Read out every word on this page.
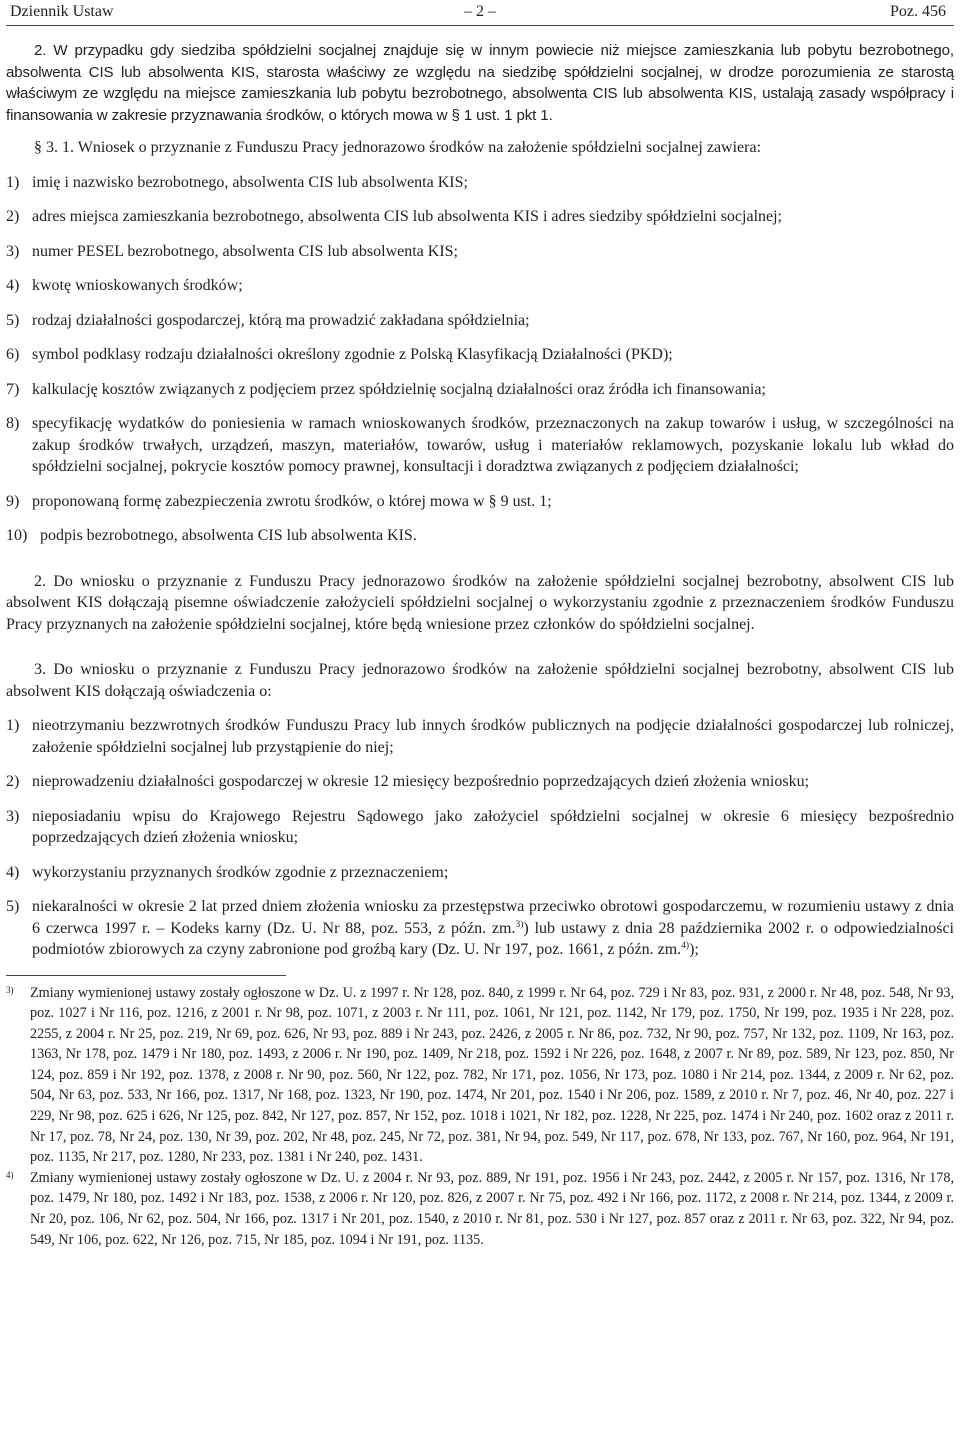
Dziennik Ustaw	– 2 –	Poz. 456

2. W przypadku gdy siedziba spółdzielni socjalnej znajduje się w innym powiecie niż miejsce zamieszkania lub pobytu bezrobotnego, absolwenta CIS lub absolwenta KIS, starosta właściwy ze względu na siedzibę spółdzielni socjalnej, w drodze porozumienia ze starostą właściwym ze względu na miejsce zamieszkania lub pobytu bezrobotnego, absolwenta CIS lub absolwenta KIS, ustalają zasady współpracy i finansowania w zakresie przyznawania środków, o których mowa w § 1 ust. 1 pkt 1.

§ 3. 1. Wniosek o przyznanie z Funduszu Pracy jednorazowo środków na założenie spółdzielni socjalnej zawiera:

1) imię i nazwisko bezrobotnego, absolwenta CIS lub absolwenta KIS;
2) adres miejsca zamieszkania bezrobotnego, absolwenta CIS lub absolwenta KIS i adres siedziby spółdzielni socjalnej;
3) numer PESEL bezrobotnego, absolwenta CIS lub absolwenta KIS;
4) kwotę wnioskowanych środków;
5) rodzaj działalności gospodarczej, którą ma prowadzić zakładana spółdzielnia;
6) symbol podklasy rodzaju działalności określony zgodnie z Polską Klasyfikacją Działalności (PKD);
7) kalkulację kosztów związanych z podjęciem przez spółdzielnię socjalną działalności oraz źródła ich finansowania;
8) specyfikację wydatków do poniesienia w ramach wnioskowanych środków, przeznaczonych na zakup towarów i usług, w szczególności na zakup środków trwałych, urządzeń, maszyn, materiałów, towarów, usług i materiałów reklamowych, pozyskanie lokalu lub wkład do spółdzielni socjalnej, pokrycie kosztów pomocy prawnej, konsultacji i doradztwa związanych z podjęciem działalności;
9) proponowaną formę zabezpieczenia zwrotu środków, o której mowa w § 9 ust. 1;
10) podpis bezrobotnego, absolwenta CIS lub absolwenta KIS.

2. Do wniosku o przyznanie z Funduszu Pracy jednorazowo środków na założenie spółdzielni socjalnej bezrobotny, absolwent CIS lub absolwent KIS dołączają pisemne oświadczenie założycieli spółdzielni socjalnej o wykorzystaniu zgodnie z przeznaczeniem środków Funduszu Pracy przyznanych na założenie spółdzielni socjalnej, które będą wniesione przez członków do spółdzielni socjalnej.

3. Do wniosku o przyznanie z Funduszu Pracy jednorazowo środków na założenie spółdzielni socjalnej bezrobotny, absolwent CIS lub absolwent KIS dołączają oświadczenia o:

1) nieotrzymaniu bezzwrotnych środków Funduszu Pracy lub innych środków publicznych na podjęcie działalności gospodarczej lub rolniczej, założenie spółdzielni socjalnej lub przystąpienie do niej;
2) nieprowadzeniu działalności gospodarczej w okresie 12 miesięcy bezpośrednio poprzedzających dzień złożenia wniosku;
3) nieposiadaniu wpisu do Krajowego Rejestru Sądowego jako założyciel spółdzielni socjalnej w okresie 6 miesięcy bezpośrednio poprzedzających dzień złożenia wniosku;
4) wykorzystaniu przyznanych środków zgodnie z przeznaczeniem;
5) niekaralności w okresie 2 lat przed dniem złożenia wniosku za przestępstwa przeciwko obrotowi gospodarczemu, w rozumieniu ustawy z dnia 6 czerwca 1997 r. – Kodeks karny (Dz. U. Nr 88, poz. 553, z późn. zm.$^{3)}$) lub ustawy z dnia 28 października 2002 r. o odpowiedzialności podmiotów zbiorowych za czyny zabronione pod groźbą kary (Dz. U. Nr 197, poz. 1661, z późn. zm.$^{4)}$);
3) Zmiany wymienionej ustawy zostały ogłoszone w Dz. U. z 1997 r. Nr 128, poz. 840, z 1999 r. Nr 64, poz. 729 i Nr 83, poz. 931, z 2000 r. Nr 48, poz. 548, Nr 93, poz. 1027 i Nr 116, poz. 1216, z 2001 r. Nr 98, poz. 1071, z 2003 r. Nr 111, poz. 1061, Nr 121, poz. 1142, Nr 179, poz. 1750, Nr 199, poz. 1935 i Nr 228, poz. 2255, z 2004 r. Nr 25, poz. 219, Nr 69, poz. 626, Nr 93, poz. 889 i Nr 243, poz. 2426, z 2005 r. Nr 86, poz. 732, Nr 90, poz. 757, Nr 132, poz. 1109, Nr 163, poz. 1363, Nr 178, poz. 1479 i Nr 180, poz. 1493, z 2006 r. Nr 190, poz. 1409, Nr 218, poz. 1592 i Nr 226, poz. 1648, z 2007 r. Nr 89, poz. 589, Nr 123, poz. 850, Nr 124, poz. 859 i Nr 192, poz. 1378, z 2008 r. Nr 90, poz. 560, Nr 122, poz. 782, Nr 171, poz. 1056, Nr 173, poz. 1080 i Nr 214, poz. 1344, z 2009 r. Nr 62, poz. 504, Nr 63, poz. 533, Nr 166, poz. 1317, Nr 168, poz. 1323, Nr 190, poz. 1474, Nr 201, poz. 1540 i Nr 206, poz. 1589, z 2010 r. Nr 7, poz. 46, Nr 40, poz. 227 i 229, Nr 98, poz. 625 i 626, Nr 125, poz. 842, Nr 127, poz. 857, Nr 152, poz. 1018 i 1021, Nr 182, poz. 1228, Nr 225, poz. 1474 i Nr 240, poz. 1602 oraz z 2011 r. Nr 17, poz. 78, Nr 24, poz. 130, Nr 39, poz. 202, Nr 48, poz. 245, Nr 72, poz. 381, Nr 94, poz. 549, Nr 117, poz. 678, Nr 133, poz. 767, Nr 160, poz. 964, Nr 191, poz. 1135, Nr 217, poz. 1280, Nr 233, poz. 1381 i Nr 240, poz. 1431.
4) Zmiany wymienionej ustawy zostały ogłoszone w Dz. U. z 2004 r. Nr 93, poz. 889, Nr 191, poz. 1956 i Nr 243, poz. 2442, z 2005 r. Nr 157, poz. 1316, Nr 178, poz. 1479, Nr 180, poz. 1492 i Nr 183, poz. 1538, z 2006 r. Nr 120, poz. 826, z 2007 r. Nr 75, poz. 492 i Nr 166, poz. 1172, z 2008 r. Nr 214, poz. 1344, z 2009 r. Nr 20, poz. 106, Nr 62, poz. 504, Nr 166, poz. 1317 i Nr 201, poz. 1540, z 2010 r. Nr 81, poz. 530 i Nr 127, poz. 857 oraz z 2011 r. Nr 63, poz. 322, Nr 94, poz. 549, Nr 106, poz. 622, Nr 126, poz. 715, Nr 185, poz. 1094 i Nr 191, poz. 1135.
